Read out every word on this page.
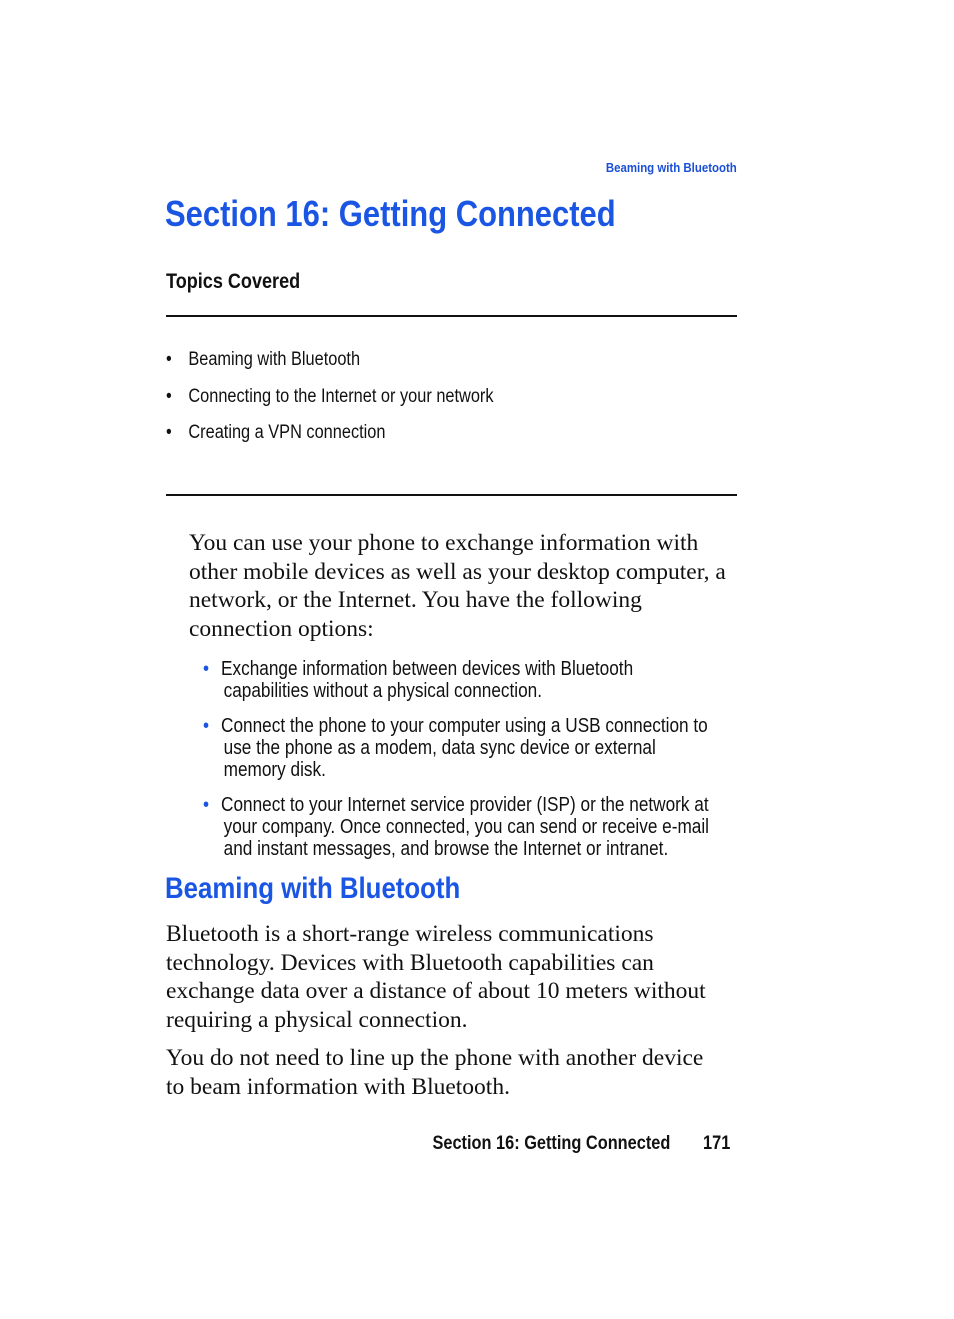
Beaming with Bluetooth
Section 16: Getting Connected
Topics Covered
• Beaming with Bluetooth
• Connecting to the Internet or your network
• Creating a VPN connection

You can use your phone to exchange information with other mobile devices as well as your desktop computer, a network, or the Internet. You have the following connection options:

• Exchange information between devices with Bluetooth capabilities without a physical connection.
• Connect the phone to your computer using a USB connection to use the phone as a modem, data sync device or external memory disk.
• Connect to your Internet service provider (ISP) or the network at your company. Once connected, you can send or receive e-mail and instant messages, and browse the Internet or intranet.
Beaming with Bluetooth

Bluetooth is a short-range wireless communications technology. Devices with Bluetooth capabilities can exchange data over a distance of about 10 meters without requiring a physical connection.

You do not need to line up the phone with another device to beam information with Bluetooth.

Section 16: Getting Connected 171
